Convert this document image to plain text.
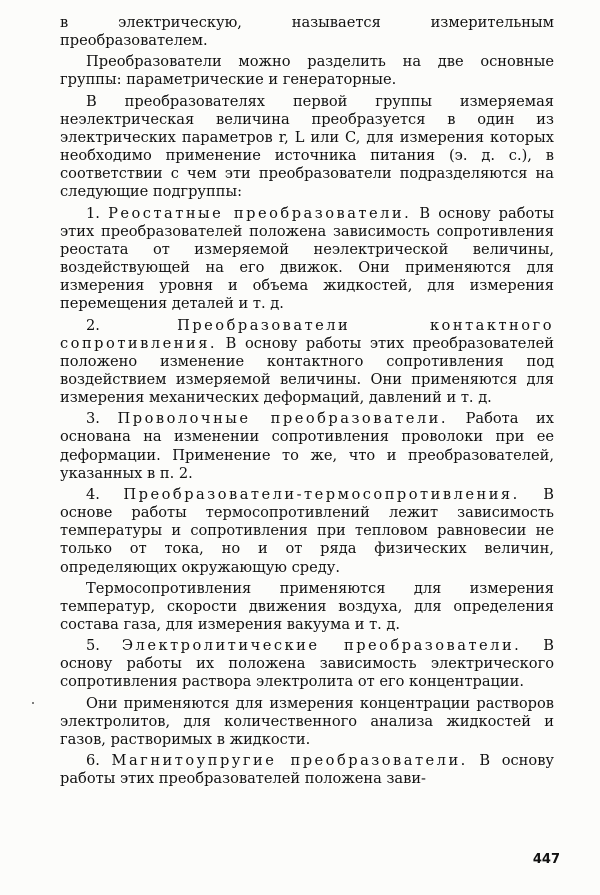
в электрическую, называется измерительным преобразователем.

Преобразователи можно разделить на две основные группы: параметрические и генераторные.

В преобразователях первой группы измеряемая неэлектрическая величина преобразуется в один из электрических параметров r, L или C, для измерения которых необходимо применение источника питания (э. д. с.), в соответствии с чем эти преобразователи подразделяются на следующие подгруппы:

1. Реостатные преобразователи. В основу работы этих преобразователей положена зависимость сопротивления реостата от измеряемой неэлектрической величины, воздействующей на его движок. Они применяются для измерения уровня и объема жидкостей, для измерения перемещения деталей и т. д.

2. Преобразователи контактного сопротивления. В основу работы этих преобразователей положено изменение контактного сопротивления под воздействием измеряемой величины. Они применяются для измерения механических деформаций, давлений и т. д.

3. Проволочные преобразователи. Работа их основана на изменении сопротивления проволоки при ее деформации. Применение то же, что и преобразователей, указанных в п. 2.

4. Преобразователи-термосопротивления. В основе работы термосопротивлений лежит зависимость температуры и сопротивления при тепловом равновесии не только от тока, но и от ряда физических величин, определяющих окружающую среду.

Термосопротивления применяются для измерения температур, скорости движения воздуха, для определения состава газа, для измерения вакуума и т. д.

5. Электролитические преобразователи. В основу работы их положена зависимость электрического сопротивления раствора электролита от его концентрации.

Они применяются для измерения концентрации растворов электролитов, для количественного анализа жидкостей и газов, растворимых в жидкости.

6. Магнитоупругие преобразователи. В основу работы этих преобразователей положена зави-

447
